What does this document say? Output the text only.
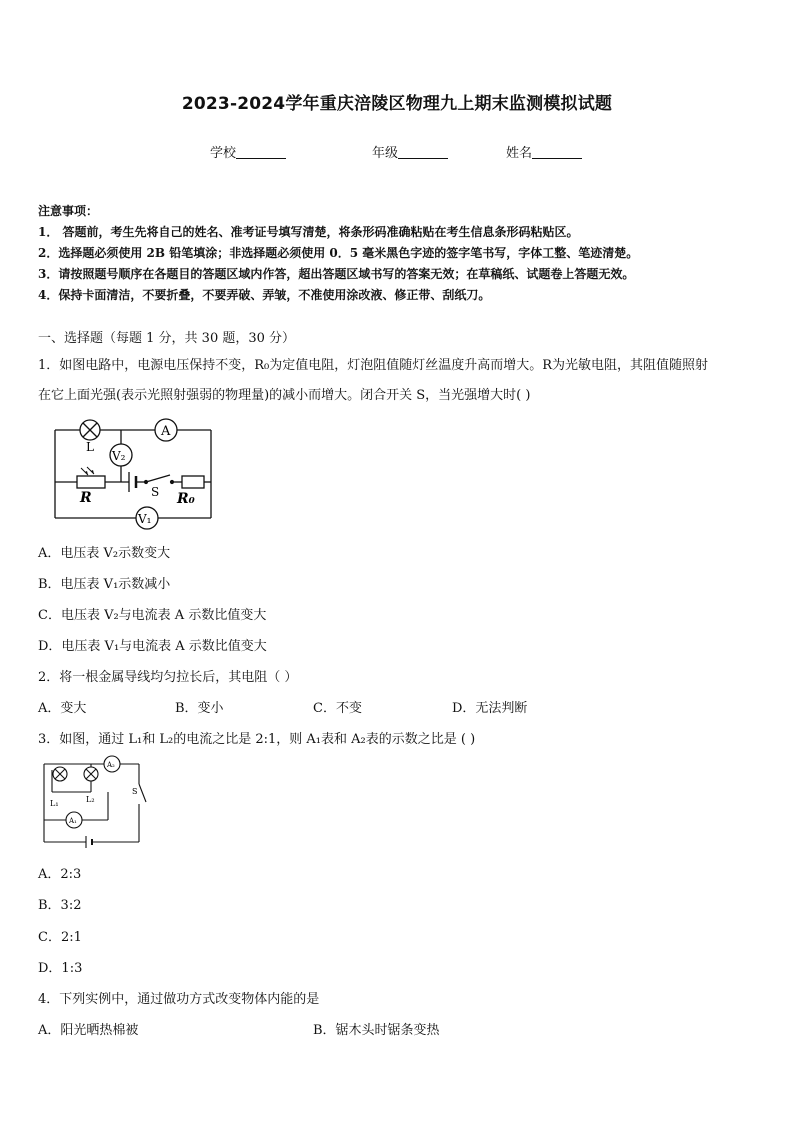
2023-2024学年重庆涪陵区物理九上期末监测模拟试题
学校	年级	姓名
注意事项：
1． 答题前，考生先将自己的姓名、准考证号填写清楚，将条形码准确粘贴在考生信息条形码粘贴区。
2．选择题必须使用 2B 铅笔填涂；非选择题必须使用 0．5 毫米黑色字迹的签字笔书写，字体工整、笔迹清楚。
3．请按照题号顺序在各题目的答题区域内作答，超出答题区域书写的答案无效；在草稿纸、试题卷上答题无效。
4．保持卡面清洁，不要折叠，不要弄破、弄皱，不准使用涂改液、修正带、刮纸刀。
一、选择题（每题 1 分，共 30 题，30 分）
1．如图电路中，电源电压保持不变，R₀为定值电阻，灯泡阻值随灯丝温度升高而增大。R为光敏电阻，其阻值随照射
在它上面光强(表示光照射强弱的物理量)的减小而增大。闭合开关 S，当光强增大时( )
L
A
V₂
R	S R₀
V₁
A．电压表 V₂示数变大
B．电压表 V₁示数减小
C．电压表 V₂与电流表 A 示数比值变大
D．电压表 V₁与电流表 A 示数比值变大
2．将一根金属导线均匀拉长后，其电阻（ ）
A．变大	B．变小	C．不变	D．无法判断
3．如图，通过 L₁和 L₂的电流之比是 2:1，则 A₁表和 A₂表的示数之比是 ( )
L₁	L₂
A₂
A₁
S
A．2:3
B．3:2
C．2:1
D．1:3
4．下列实例中，通过做功方式改变物体内能的是
A．阳光晒热棉被	B．锯木头时锯条变热
